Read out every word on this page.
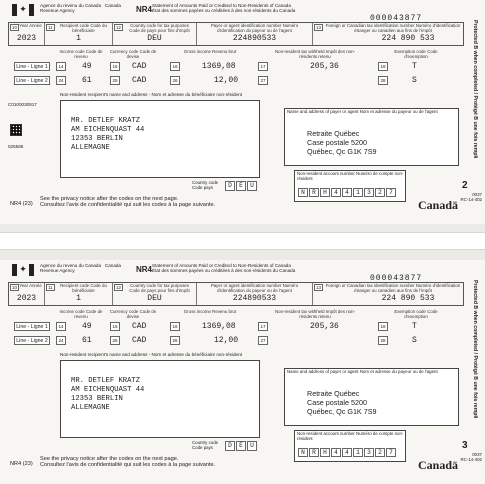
✦	Agence du revenu du Canada Canada Revenue Agency	NR4 Statement of Amounts Paid or Credited to Non-Residents of Canada
État des sommes payées ou créditées à des non-résidents du Canada
000043877
10 Year Année
2023
11	Recipient code Code du bénéficiaire
1
12	Country code for tax purposes Code de pays pour fins d'impôt
DEU
Payer or agent identification number Numéro d'identification du payeur ou de l'agent
224890533
13	Foreign or Canadian tax identification number Numéro d'identification étranger ou canadien aux fins de l'impôt
224 890 533
Income code Code de revenu
Currency code Code de devise
Gross income Revenu brut	Non-resident tax withheld Impôt des non-résidents retenu
Exemption code Code d'exemption
Line - Ligne 1	14	49	15	CAD	16	1369,08	17	205,36	18	T
Line - Ligne 2	24	61	25	CAD	26	12,00	27	28	S
Non-resident recipient's name and address - Nom et adresse du bénéficiaire non-résident
C0100030817
025586
MR. DETLEF KRATZ
AM EICHENQUAST 44
12353 BERLIN
ALLEMAGNE
Country code Code pays	D	E	U
Name and address of payer or agent Nom et adresse du payeur ou de l'agent
Retraite Québec
Case postale 5200
Québec, Qc G1K 7S9
Non-resident account number Numéro de compte non-résident
N	R	H	4	4	1	3	2	7
Protected B when completed / Protégé B une fois rempli
NR4 (23)
See the privacy notice after the codes on the next page.
Consultez l'avis de confidentialité qui suit les codes à la page suivante.	Canadä
2
0037
RC-14-402
✦	Agence du revenu du Canada Canada Revenue Agency	NR4 Statement of Amounts Paid or Credited to Non-Residents of Canada
État des sommes payées ou créditées à des non-résidents du Canada
000043877
10 Year Année
2023
11	Recipient code Code du bénéficiaire
1
12	Country code for tax purposes Code de pays pour fins d'impôt
DEU
Payer or agent identification number Numéro d'identification du payeur ou de l'agent
224890533
13	Foreign or Canadian tax identification number Numéro d'identification étranger ou canadien aux fins de l'impôt
224 890 533
Income code Code de revenu
Currency code Code de devise
Gross income Revenu brut	Non-resident tax withheld Impôt des non-résidents retenu
Exemption code Code d'exemption
Line - Ligne 1	14	49	15	CAD	16	1369,08	17	205,36	18	T
Line - Ligne 2	24	61	25	CAD	26	12,00	27	28	S
Non-resident recipient's name and address - Nom et adresse du bénéficiaire non-résident
MR. DETLEF KRATZ
AM EICHENQUAST 44
12353 BERLIN
ALLEMAGNE
Country code Code pays	D	E	U
Name and address of payer or agent Nom et adresse du payeur ou de l'agent
Retraite Québec
Case postale 5200
Québec, Qc G1K 7S9
Non-resident account number Numéro de compte non-résident
N	R	H	4	4	1	3	2	7
Protected B when completed / Protégé B une fois rempli
NR4 (23)
See the privacy notice after the codes on the next page.
Consultez l'avis de confidentialité qui suit les codes à la page suivante.	Canadä
3
0037
RC-14-402
